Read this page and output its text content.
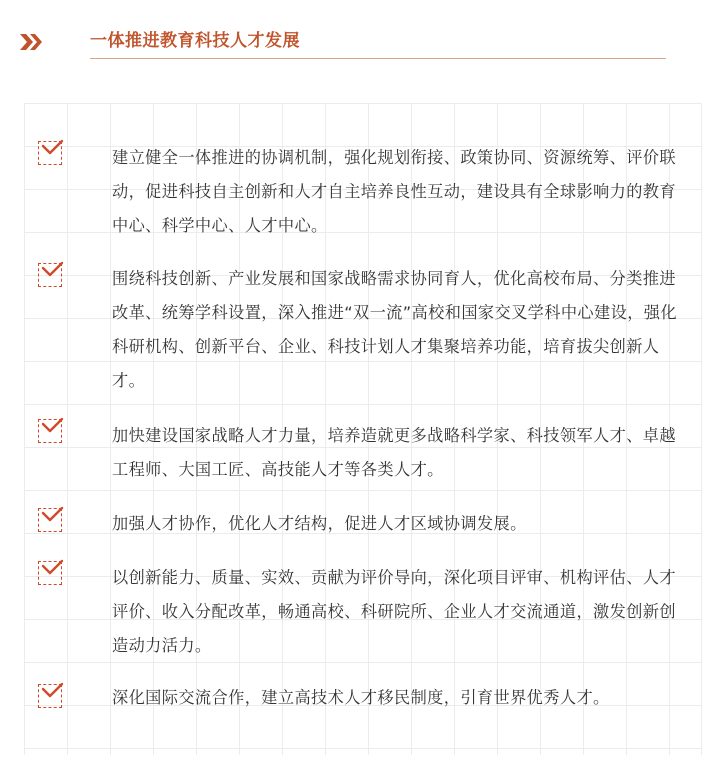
一体推进教育科技人才发展
建立健全一体推进的协调机制，强化规划衔接、政策协同、资源统筹、评价联动，促进科技自主创新和人才自主培养良性互动，建设具有全球影响力的教育中心、科学中心、人才中心。
围绕科技创新、产业发展和国家战略需求协同育人，优化高校布局、分类推进改革、统筹学科设置，深入推进“双一流”高校和国家交叉学科中心建设，强化科研机构、创新平台、企业、科技计划人才集聚培养功能，培育拔尖创新人才。
加快建设国家战略人才力量，培养造就更多战略科学家、科技领军人才、卓越工程师、大国工匠、高技能人才等各类人才。
加强人才协作，优化人才结构，促进人才区域协调发展。
以创新能力、质量、实效、贡献为评价导向，深化项目评审、机构评估、人才评价、收入分配改革，畅通高校、科研院所、企业人才交流通道，激发创新创造动力活力。
深化国际交流合作，建立高技术人才移民制度，引育世界优秀人才。
